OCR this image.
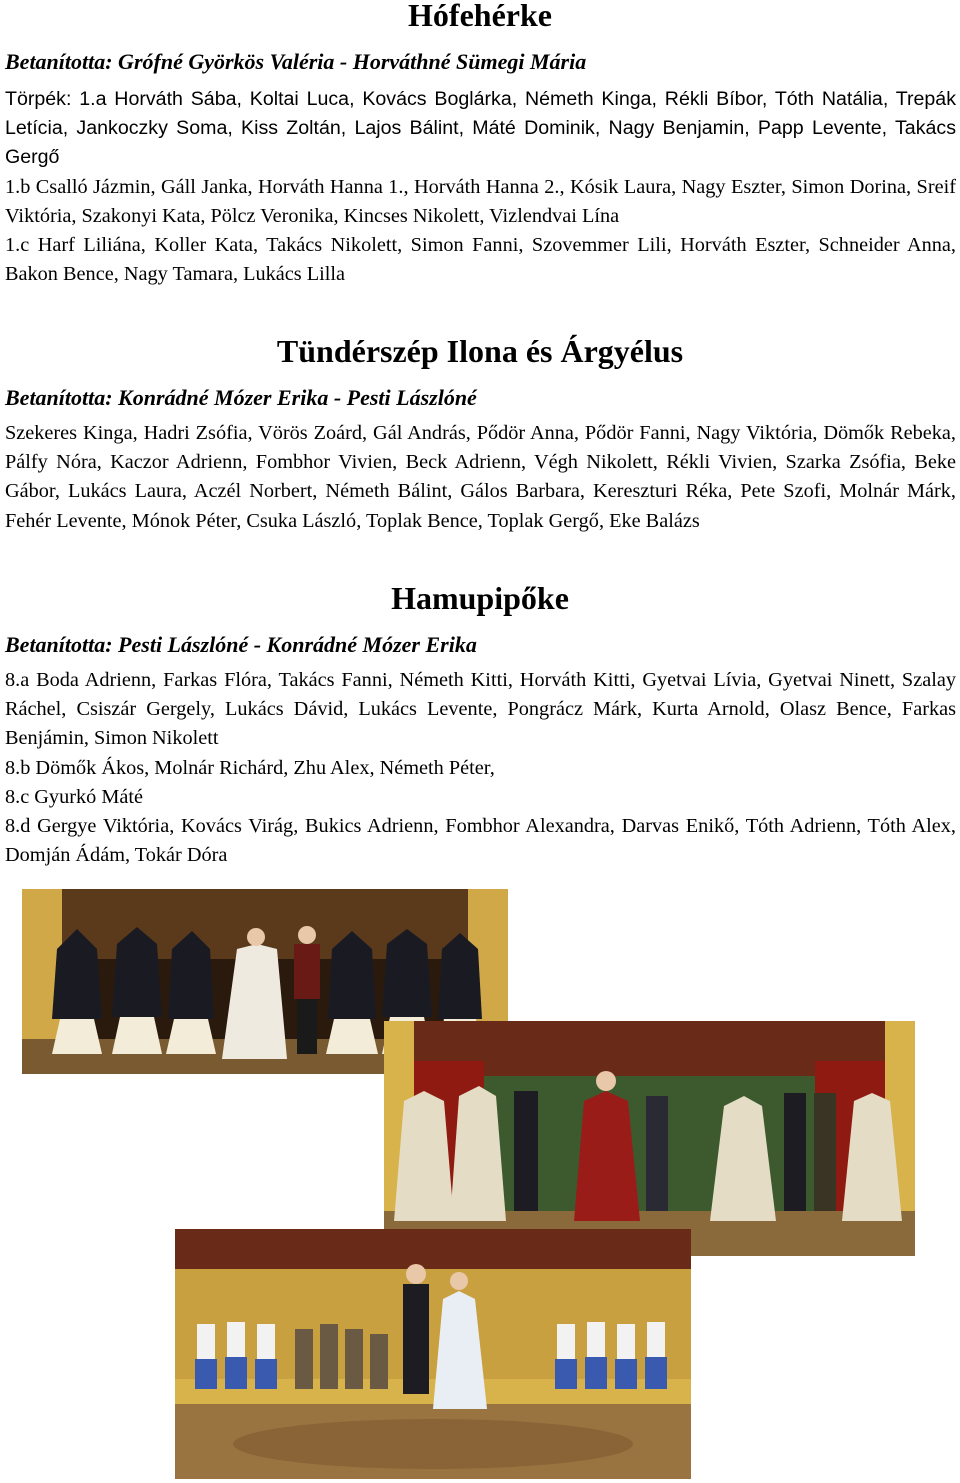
Hófehérke

Betanította: Grófné Györkös Valéria - Horváthné Sümegi Mária

Törpék: 1.a Horváth Sába, Koltai Luca, Kovács Boglárka, Németh Kinga, Rékli Bíbor, Tóth Natália, Trepák Letícia, Jankoczky Soma, Kiss Zoltán, Lajos Bálint, Máté Dominik, Nagy Benjamin, Papp Levente, Takács Gergő

1.b Csalló Jázmin, Gáll Janka, Horváth Hanna 1., Horváth Hanna 2., Kósik Laura, Nagy Eszter, Simon Dorina, Sreif Viktória, Szakonyi Kata, Pölcz Veronika, Kincses Nikolett, Vizlendvai Lína

1.c Harf Liliána, Koller Kata, Takács Nikolett, Simon Fanni, Szovemmer Lili, Horváth Eszter, Schneider Anna, Bakon Bence, Nagy Tamara, Lukács Lilla

Tündérszép Ilona és Árgyélus

Betanította: Konrádné Mózer Erika - Pesti Lászlóné

Szekeres Kinga, Hadri Zsófia, Vörös Zoárd, Gál András, Pődör Anna, Pődör Fanni, Nagy Viktória, Dömők Rebeka, Pálfy Nóra, Kaczor Adrienn, Fombhor Vivien, Beck Adrienn, Végh Nikolett, Rékli Vivien, Szarka Zsófia, Beke Gábor, Lukács Laura, Aczél Norbert, Németh Bálint, Gálos Barbara, Kereszturi Réka, Pete Szofi, Molnár Márk, Fehér Levente, Mónok Péter, Csuka László, Toplak Bence, Toplak Gergő, Eke Balázs

Hamupipőke

Betanította: Pesti Lászlóné - Konrádné Mózer Erika

8.a Boda Adrienn, Farkas Flóra, Takács Fanni, Németh Kitti, Horváth Kitti, Gyetvai Lívia, Gyetvai Ninett, Szalay Ráchel, Csiszár Gergely, Lukács Dávid, Lukács Levente, Pongrácz Márk, Kurta Arnold, Olasz Bence, Farkas Benjámin, Simon Nikolett

8.b Dömők Ákos, Molnár Richárd, Zhu Alex, Németh Péter,

8.c Gyurkó Máté

8.d Gergye Viktória, Kovács Virág, Bukics Adrienn, Fombhor Alexandra, Darvas Enikő, Tóth Adrienn, Tóth Alex, Domján Ádám, Tokár Dóra
